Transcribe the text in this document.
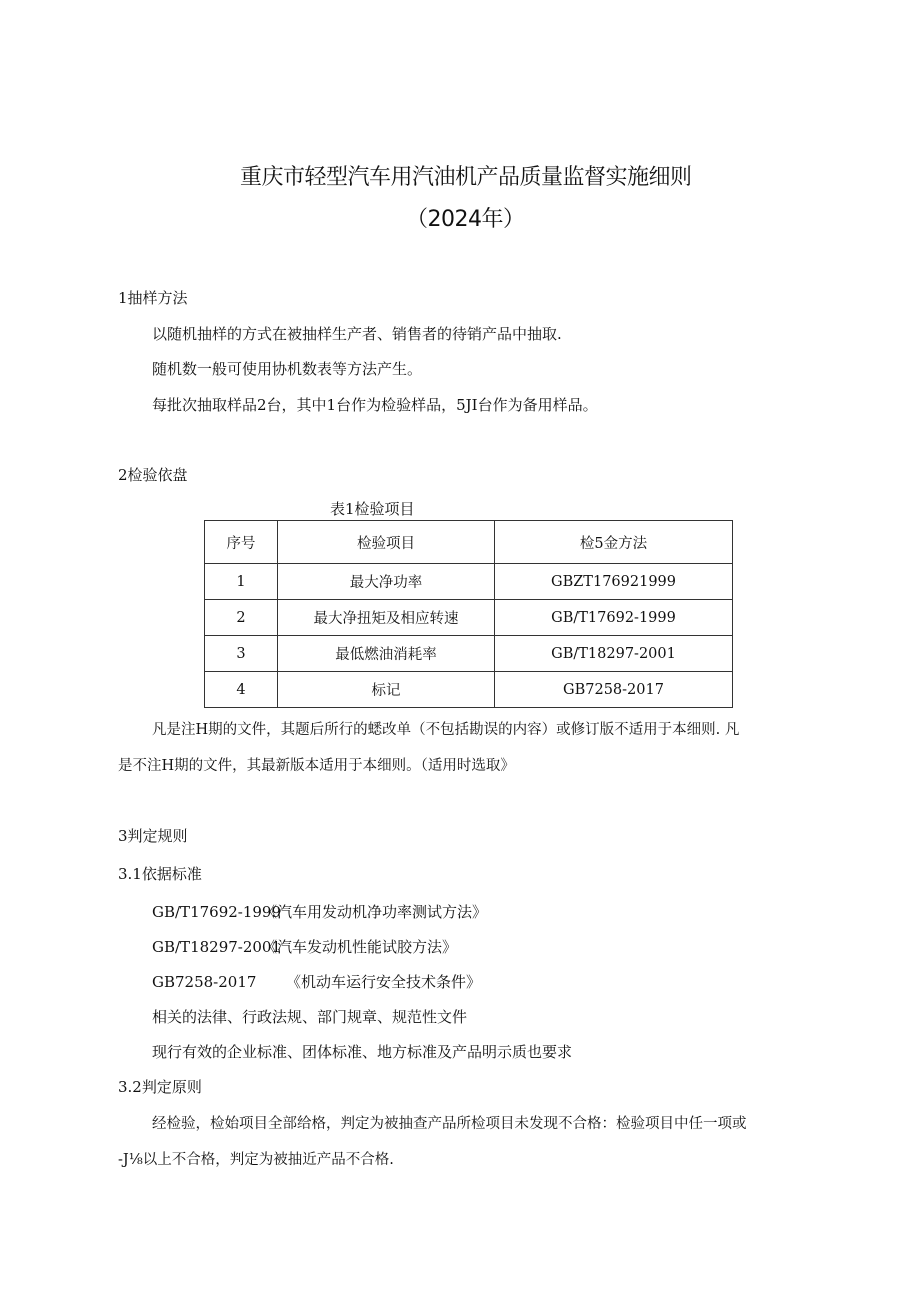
重庆市轻型汽车用汽油机产品质量监督实施细则
（2024年）
1抽样方法
以随机抽样的方式在被抽样生产者、销售者的待销产品中抽取.
随机数一般可使用协机数表等方法产生。
每批次抽取样品2台，其中1台作为检验样品，5JI台作为备用样品。
2检验依盘
表1检验项目
序号	检验项目	检5金方法
1	最大净功率	GBZT176921999
2	最大净扭矩及相应转速	GB/T17692-1999
3	最低燃油消耗率	GB/T18297-2001
4	标记	GB7258-2017
凡是注H期的文件，其题后所行的蟋改单（不包括勘误的内容）或修订版不适用于本细则. 凡
是不注H期的文件，其最新版本适用于本细则。（适用时选取》
3判定规则
3.1依据标准
GB/T17692-1999
《汽车用发动机净功率测试方法》
GB/T18297-2001
《汽车发动机性能试胶方法》
GB7258-2017 《机动车运行安全技术条件》
相关的法律、行政法规、部门规章、规范性文件
现行有效的企业标准、团体标准、地方标准及产品明示质也要求
3.2判定原则
经检验，检始项目全部给格，判定为被抽查产品所检项目未发现不合格：检验项目中任一项或
-J⅛以上不合格，判定为被抽近产品不合格.
